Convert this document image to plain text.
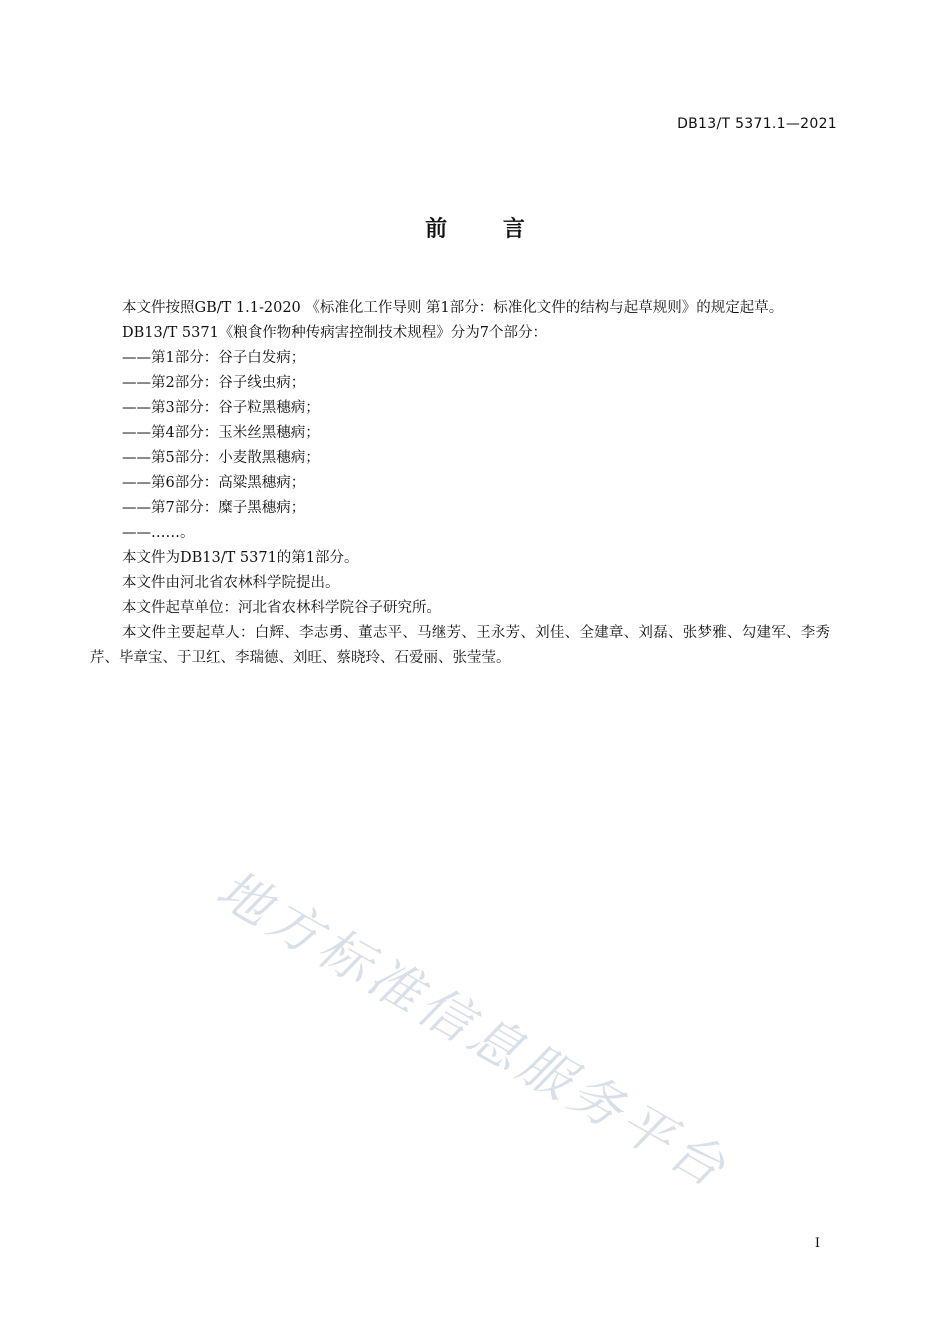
DB13/T 5371.1—2021
前 言

本文件按照GB/T 1.1-2020 《标准化工作导则 第1部分：标准化文件的结构与起草规则》的规定起草。

DB13/T 5371《粮食作物种传病害控制技术规程》分为7个部分：

——第1部分：谷子白发病；

——第2部分：谷子线虫病；

——第3部分：谷子粒黑穗病；

——第4部分：玉米丝黑穗病；

——第5部分：小麦散黑穗病；

——第6部分：高粱黑穗病；

——第7部分：糜子黑穗病；

——……。

本文件为DB13/T 5371的第1部分。

本文件由河北省农林科学院提出。

本文件起草单位：河北省农林科学院谷子研究所。

本文件主要起草人：白辉、李志勇、董志平、马继芳、王永芳、刘佳、全建章、刘磊、张梦雅、勾建军、李秀芹、毕章宝、于卫红、李瑞德、刘旺、蔡晓玲、石爱丽、张莹莹。

地方标准信息服务平台
I
